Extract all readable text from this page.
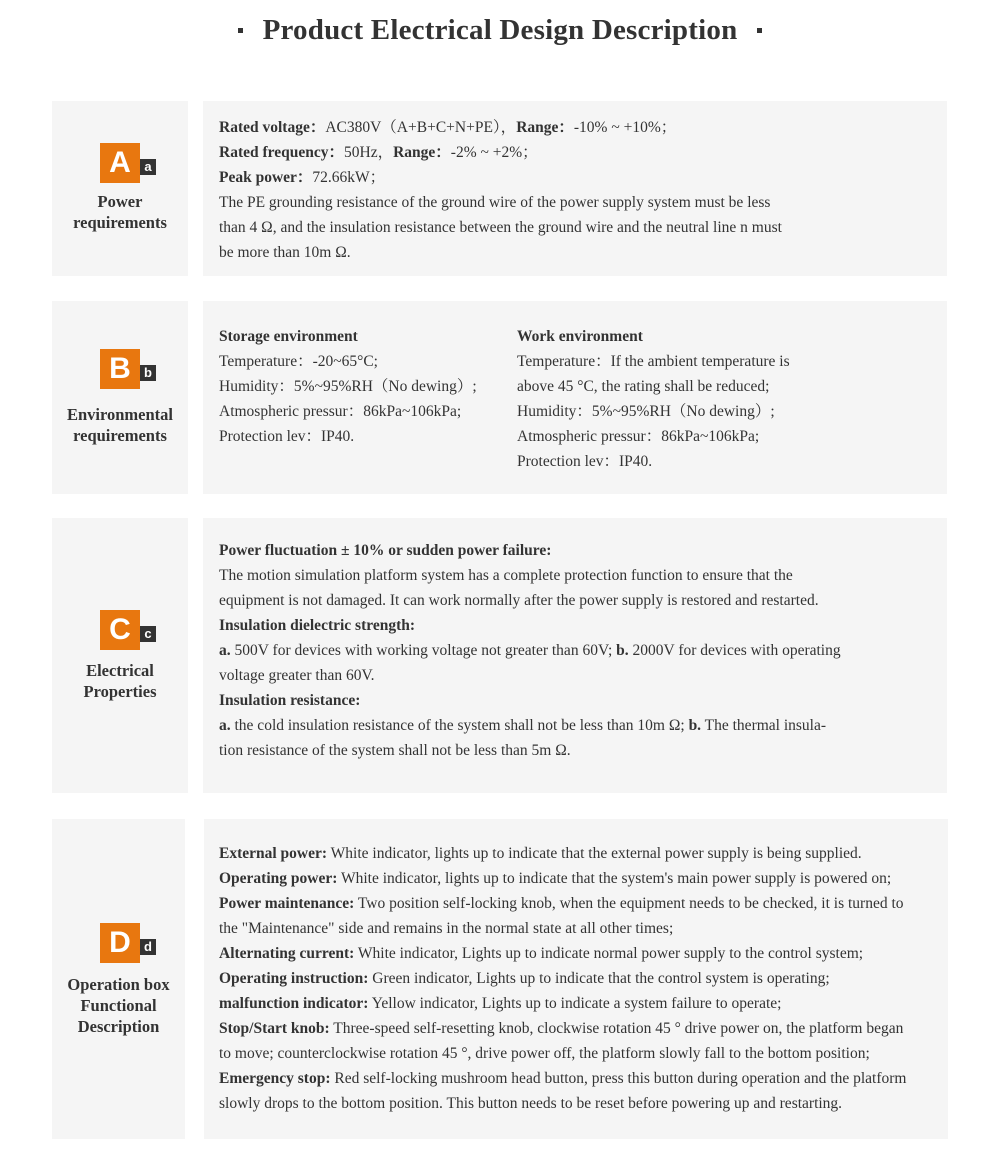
Product Electrical Design Description
A	a
Power
requirements
Rated voltage：AC380V（A+B+C+N+PE），Range：-10% ~ +10%；
Rated frequency：50Hz，Range：-2% ~ +2%；
Peak power：72.66kW；
The PE grounding resistance of the ground wire of the power supply system must be less
than 4 Ω, and the insulation resistance between the ground wire and the neutral line n must
be more than 10m Ω.
B	b
Environmental
requirements
Storage environment
Temperature：-20~65°C;
Humidity：5%~95%RH（No dewing）;
Atmospheric pressur：86kPa~106kPa;
Protection lev：IP40.
Work environment
Temperature：If the ambient temperature is
above 45 °C, the rating shall be reduced;
Humidity：5%~95%RH（No dewing）;
Atmospheric pressur：86kPa~106kPa;
Protection lev：IP40.
C	c
Electrical
Properties
Power fluctuation ± 10% or sudden power failure:
The motion simulation platform system has a complete protection function to ensure that the
equipment is not damaged. It can work normally after the power supply is restored and restarted.
Insulation dielectric strength:
a. 500V for devices with working voltage not greater than 60V; b. 2000V for devices with operating
voltage greater than 60V.
Insulation resistance:
a. the cold insulation resistance of the system shall not be less than 10m Ω; b. The thermal insula-
tion resistance of the system shall not be less than 5m Ω.
D	d
Operation box
Functional
Description
External power: White indicator, lights up to indicate that the external power supply is being supplied.
Operating power: White indicator, lights up to indicate that the system's main power supply is powered on;
Power maintenance: Two position self-locking knob, when the equipment needs to be checked, it is turned to
the "Maintenance" side and remains in the normal state at all other times;
Alternating current: White indicator, Lights up to indicate normal power supply to the control system;
Operating instruction: Green indicator, Lights up to indicate that the control system is operating;
malfunction indicator: Yellow indicator, Lights up to indicate a system failure to operate;
Stop/Start knob: Three-speed self-resetting knob, clockwise rotation 45 ° drive power on, the platform began
to move; counterclockwise rotation 45 °, drive power off, the platform slowly fall to the bottom position;
Emergency stop: Red self-locking mushroom head button, press this button during operation and the platform
slowly drops to the bottom position. This button needs to be reset before powering up and restarting.
